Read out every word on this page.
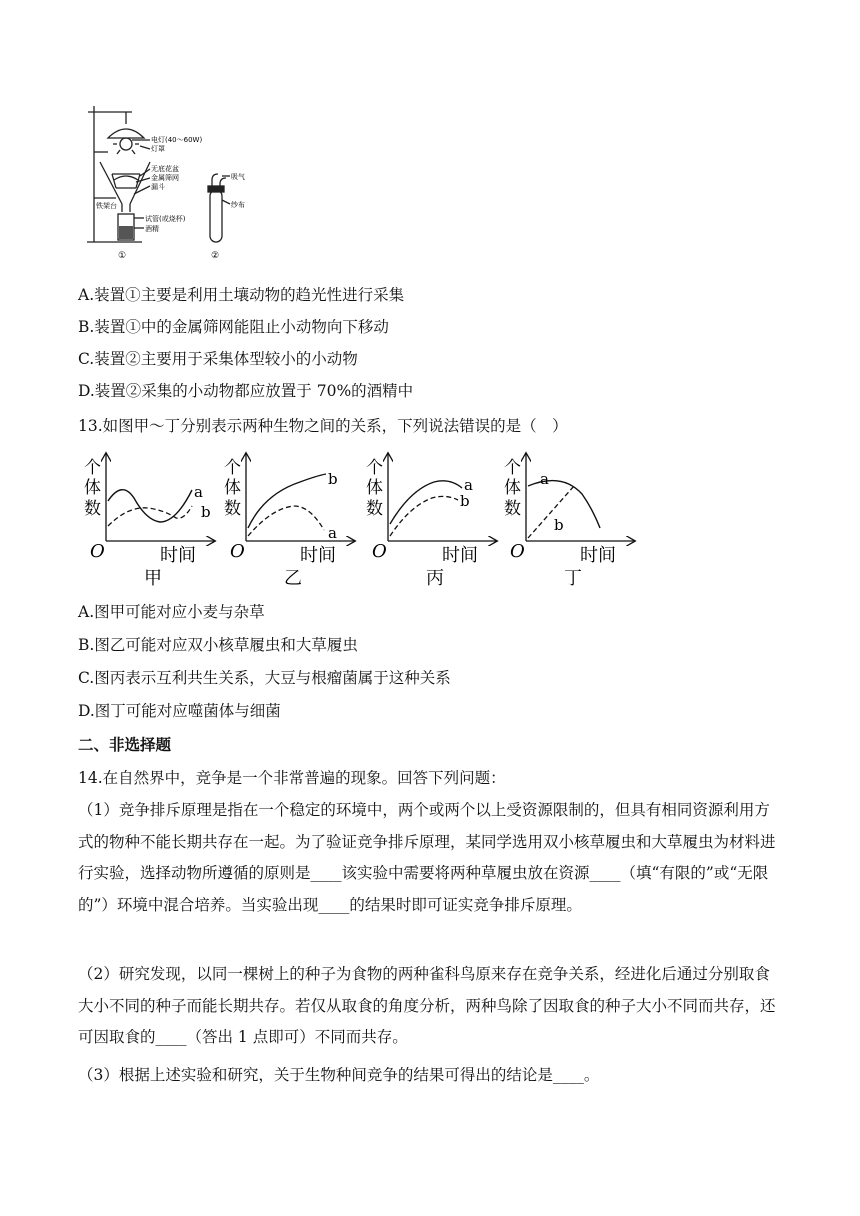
电灯(40～60W)
灯罩
无底花盆
金属筛网
漏斗
铁架台
试管(或烧杯)
酒精
吸气
纱布
①	②
A.装置①主要是利用土壤动物的趋光性进行采集
B.装置①中的金属筛网能阻止小动物向下移动
C.装置②主要用于采集体型较小的小动物
D.装置②采集的小动物都应放置于 70%的酒精中
13.如图甲～丁分别表示两种生物之间的关系，下列说法错误的是（　）
个
体
数
O	时间
甲
a
b
个
体
数
O	时间
乙
b
a
个
体
数
O	时间
丙
a
b
个
体
数
O	时间
丁
a
b
A.图甲可能对应小麦与杂草
B.图乙可能对应双小核草履虫和大草履虫
C.图丙表示互利共生关系，大豆与根瘤菌属于这种关系
D.图丁可能对应噬菌体与细菌
二、非选择题
14.在自然界中，竞争是一个非常普遍的现象。回答下列问题：
（1）竞争排斥原理是指在一个稳定的环境中，两个或两个以上受资源限制的，但具有相同资源利用方式的物种不能长期共存在一起。为了验证竞争排斥原理，某同学选用双小核草履虫和大草履虫为材料进行实验，选择动物所遵循的原则是____该实验中需要将两种草履虫放在资源____（填“有限的”或“无限的”）环境中混合培养。当实验出现____的结果时即可证实竞争排斥原理。
（2）研究发现，以同一棵树上的种子为食物的两种雀科鸟原来存在竞争关系，经进化后通过分别取食大小不同的种子而能长期共存。若仅从取食的角度分析，两种鸟除了因取食的种子大小不同而共存，还可因取食的____（答出 1 点即可）不同而共存。
（3）根据上述实验和研究，关于生物种间竞争的结果可得出的结论是____。
